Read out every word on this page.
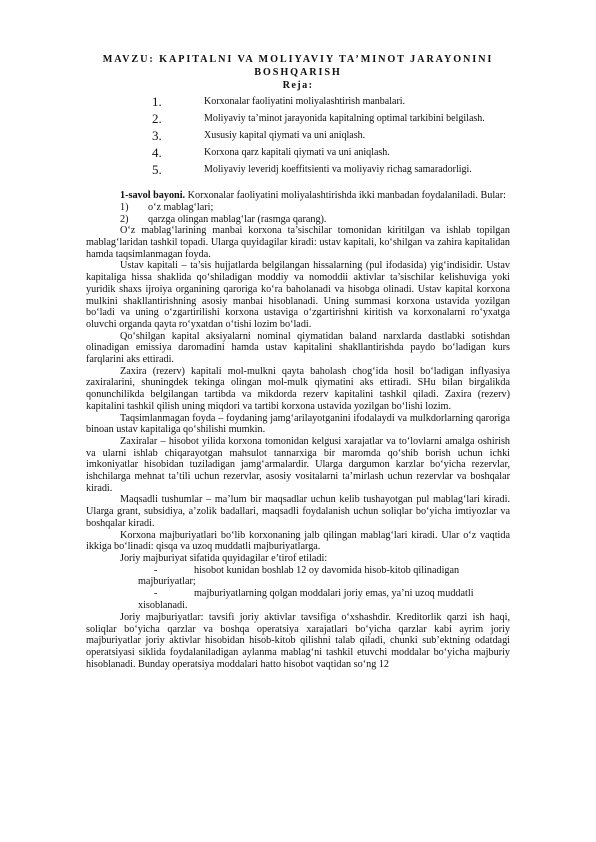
MAVZU: KAPITALNI VA MOLIYAVIY TA’MINOT JARAYONINI BOSHQARISH
Reja:
1.	Korxonalar faoliyatini moliyalashtirish manbalari.
2.	Moliyaviy ta’minot jarayonida kapitalning optimal tarkibini belgilash.
3.	Xususiy kapital qiymati va uni aniqlash.
4.	Korxona qarz kapitali qiymati va uni aniqlash.
5.	Moliyaviy leveridj koeffitsienti va moliyaviy richag samaradorligi.

1-savol bayoni. Korxonalar faoliyatini moliyalashtirishda ikki manbadan foydalaniladi. Bular:

1)	o‘z mablag‘lari;
2)	qarzga olingan mablag‘lar (rasmga qarang).

O‘z mablag‘larining manbai korxona ta’sischilar tomonidan kiritilgan va ishlab topilgan mablag‘laridan tashkil topadi. Ularga quyidagilar kiradi: ustav kapitali, ko‘shilgan va zahira kapitalidan hamda taqsimlanmagan foyda.

Ustav kapitali – ta’sis hujjatlarda belgilangan hissalarning (pul ifodasida) yig‘indisidir. Ustav kapitaliga hissa shaklida qo‘shiladigan moddiy va nomoddii aktivlar ta’sischilar kelishuviga yoki yuridik shaxs ijroiya organining qaroriga ko‘ra baholanadi va hisobga olinadi. Ustav kapital korxona mulkini shakllantirishning asosiy manbai hisoblanadi. Uning summasi korxona ustavida yozilgan bo‘ladi va uning o‘zgartirilishi korxona ustaviga o‘zgartirishni kiritish va korxonalarni ro‘yxatga oluvchi organda qayta ro‘yxatdan o‘tishi lozim bo‘ladi.

Qo‘shilgan kapital aksiyalarni nominal qiymatidan baland narxlarda dastlabki sotishdan olinadigan emissiya daromadini hamda ustav kapitalini shakllantirishda paydo bo‘ladigan kurs farqlarini aks ettiradi.

Zaxira (rezerv) kapitali mol-mulkni qayta baholash chog‘ida hosil bo‘ladigan inflyasiya zaxiralarini, shuningdek tekinga olingan mol-mulk qiymatini aks ettiradi. SHu bilan birgalikda qonunchilikda belgilangan tartibda va mikdorda rezerv kapitalini tashkil qiladi. Zaxira (rezerv) kapitalini tashkil qilish uning miqdori va tartibi korxona ustavida yozilgan bo‘lishi lozim.

Taqsimlanmagan foyda – foydaning jamg‘arilayotganini ifodalaydi va mulkdorlarning qaroriga binoan ustav kapitaliga qo‘shilishi mumkin.

Zaxiralar – hisobot yilida korxona tomonidan kelgusi xarajatlar va to‘lovlarni amalga oshirish va ularni ishlab chiqarayotgan mahsulot tannarxiga bir maromda qo‘shib borish uchun ichki imkoniyatlar hisobidan tuziladigan jamg‘armalardir. Ularga dargumon karzlar bo‘yicha rezervlar, ishchilarga mehnat ta’tili uchun rezervlar, asosiy vositalarni ta’mirlash uchun rezervlar va boshqalar kiradi.

Maqsadli tushumlar – ma’lum bir maqsadlar uchun kelib tushayotgan pul mablag‘lari kiradi. Ularga grant, subsidiya, a’zolik badallari, maqsadli foydalanish uchun soliqlar bo‘yicha imtiyozlar va boshqalar kiradi.

Korxona majburiyatlari bo‘lib korxonaning jalb qilingan mablag‘lari kiradi. Ular o‘z vaqtida ikkiga bo‘linadi: qisqa va uzoq muddatli majburiyatlarga.

Joriy majburiyat sifatida quyidagilar e’tirof etiladi:

-	hisobot kunidan boshlab 12 oy davomida hisob-kitob qilinadigan
majburiyatlar;
-	majburiyatlarning qolgan moddalari joriy emas, ya’ni uzoq muddatli
xisoblanadi.

Joriy majburiyatlar: tavsifi joriy aktivlar tavsifiga o‘xshashdir. Kreditorlik qarzi ish haqi, soliqlar bo‘yicha qarzlar va boshqa operatsiya xarajatlari bo‘yicha qarzlar kabi ayrim joriy majburiyatlar joriy aktivlar hisobidan hisob-kitob qilishni talab qiladi, chunki sub’ektning odatdagi operatsiyasi siklida foydalaniladigan aylanma mablag‘ni tashkil etuvchi moddalar bo‘yicha majburiy hisoblanadi. Bunday operatsiya moddalari hatto hisobot vaqtidan so‘ng 12
